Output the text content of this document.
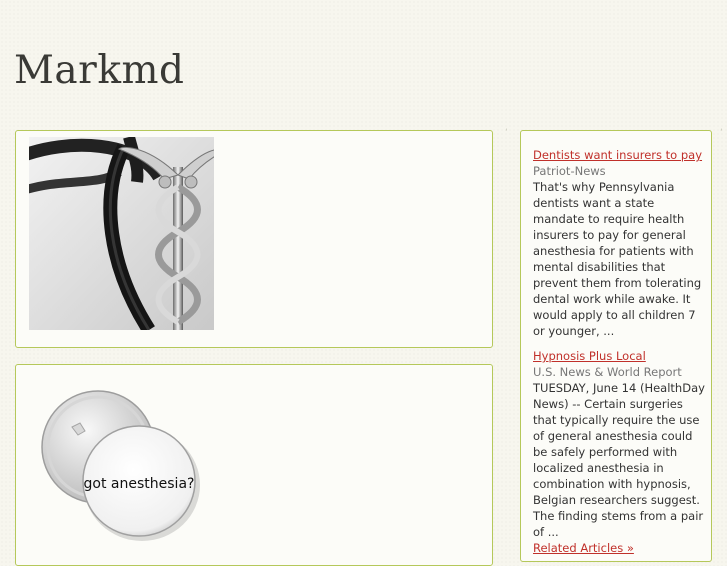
Markmd
got anesthesia?
‘	‘
Dentists want insurers to pay
Patriot-News
That's why Pennsylvania dentists want a state mandate to require health insurers to pay for general anesthesia for patients with mental disabilities that prevent them from tolerating dental work while awake. It would apply to all children 7 or younger, ...
Hypnosis Plus Local
U.S. News & World Report
TUESDAY, June 14 (HealthDay News) -- Certain surgeries that typically require the use of general anesthesia could be safely performed with localized anesthesia in combination with hypnosis, Belgian researchers suggest. The finding stems from a pair of ...
Related Articles »
